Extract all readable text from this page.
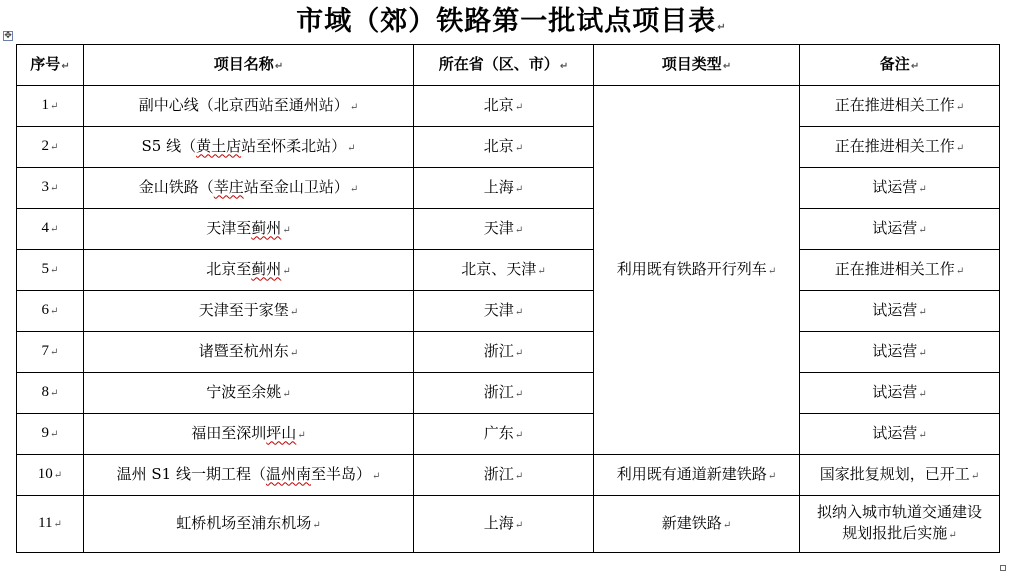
市域（郊）铁路第一批试点项目表↵
✥
序号↵	项目名称↵	所在省（区、市）↵	项目类型↵	备注↵
1↵	副中心线（北京西站至通州站）↵	北京↵	利用既有铁路开行列车↵	正在推进相关工作↵
2↵	S5 线（黄土店站至怀柔北站）↵	北京↵		正在推进相关工作↵
3↵	金山铁路（莘庄站至金山卫站）↵	上海↵		试运营↵
4↵	天津至蓟州↵	天津↵		试运营↵
5↵	北京至蓟州↵	北京、天津↵		正在推进相关工作↵
6↵	天津至于家堡↵	天津↵		试运营↵
7↵	诸暨至杭州东↵	浙江↵		试运营↵
8↵	宁波至余姚↵	浙江↵		试运营↵
9↵	福田至深圳坪山↵	广东↵		试运营↵
10↵	温州 S1 线一期工程（温州南至半岛）↵	浙江↵	利用既有通道新建铁路↵	国家批复规划，已开工↵
11↵	虹桥机场至浦东机场↵	上海↵	新建铁路↵	拟纳入城市轨道交通建设
规划报批后实施↵
